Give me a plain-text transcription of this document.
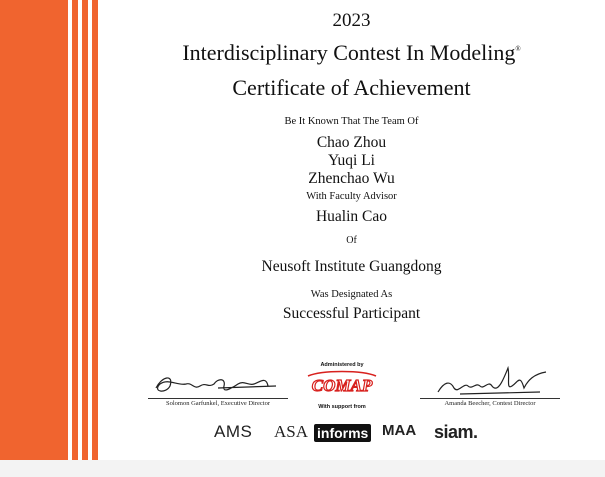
2023
Interdisciplinary Contest In Modeling®
Certificate of Achievement
Be It Known That The Team Of
Chao Zhou
Yuqi Li
Zhenchao Wu
With Faculty Advisor
Hualin Cao
Of
Neusoft Institute Guangdong
Was Designated As
Successful Participant
Solomon Garfunkel, Executive Director
Administered by
COMAP
With support from	Amanda Beecher, Contest Director
AMS ASA informs MAA siam.
